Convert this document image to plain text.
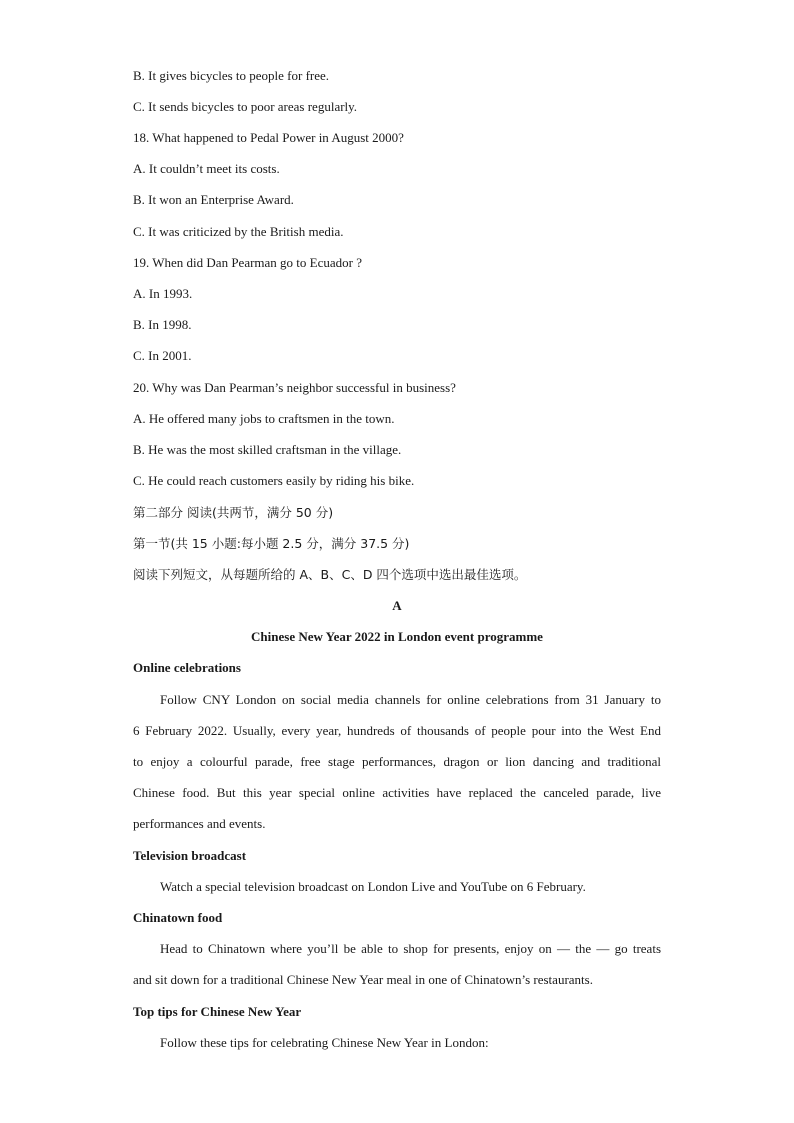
B. It gives bicycles to people for free.
C. It sends bicycles to poor areas regularly.
18. What happened to Pedal Power in August 2000?
A. It couldn’t meet its costs.
B. It won an Enterprise Award.
C. It was criticized by the British media.
19. When did Dan Pearman go to Ecuador ?
A. In 1993.
B. In 1998.
C. In 2001.
20. Why was Dan Pearman’s neighbor successful in business?
A. He offered many jobs to craftsmen in the town.
B. He was the most skilled craftsman in the village.
C. He could reach customers easily by riding his bike.
第二部分 阅读(共两节，满分 50 分)
第一节(共 15 小题:每小题 2.5 分，满分 37.5 分)
阅读下列短文，从每题所给的 A、B、C、D 四个选项中选出最佳选项。
A
Chinese New Year 2022 in London event programme
Online celebrations
Follow CNY London on social media channels for online celebrations from 31 January to
6 February 2022. Usually, every year, hundreds of thousands of people pour into the West End
to enjoy a colourful parade, free stage performances, dragon or lion dancing and traditional
Chinese food. But this year special online activities have replaced the canceled parade, live
performances and events.
Television broadcast
Watch a special television broadcast on London Live and YouTube on 6 February.
Chinatown food
Head to Chinatown where you’ll be able to shop for presents, enjoy on — the — go treats
and sit down for a traditional Chinese New Year meal in one of Chinatown’s restaurants.
Top tips for Chinese New Year
Follow these tips for celebrating Chinese New Year in London:
